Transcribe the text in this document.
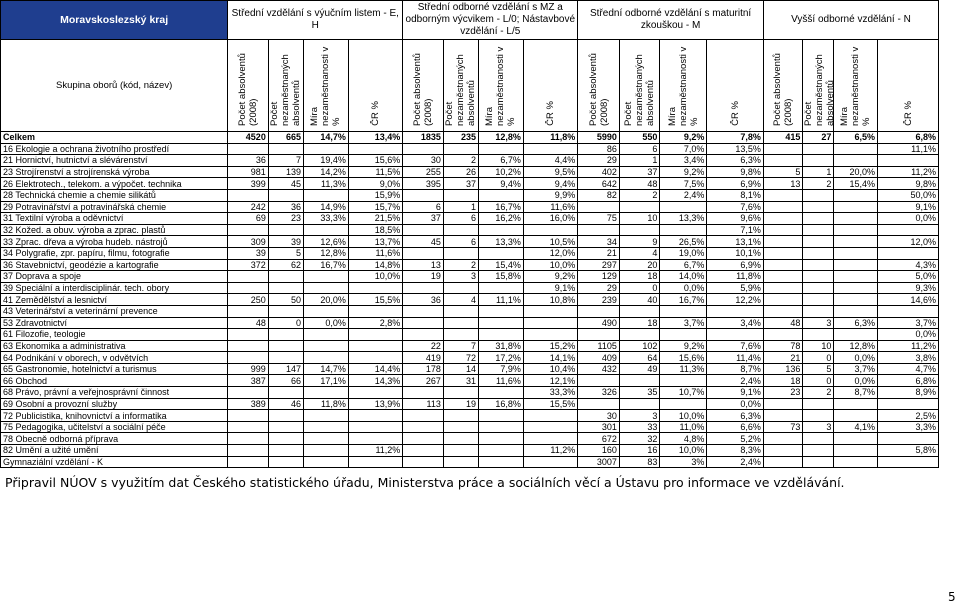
Moravskoslezský kraj	Střední vzdělání s výučním listem - E, H				Střední odborné vzdělání s MZ a odborným výcvikem - L/0; Nástavbové vzdělání - L/5				Střední odborné vzdělání s maturitní zkouškou - M				Vyšší odborné vzdělání - N			
Skupina oborů (kód, název)	Počet absolventů (2008)	Počet nezaměstnaných absolventů	Míra nezaměstnanosti v %	ČR %	Počet absolventů (2008)	Počet nezaměstnaných absolventů	Míra nezaměstnanosti v %	ČR %	Počet absolventů (2008)	Počet nezaměstnaných absolventů	Míra nezaměstnanosti v %	ČR %	Počet absolventů (2008)	Počet nezaměstnaných absolventů	Míra nezaměstnanosti v %	ČR %
Celkem	4520	665	14,7%	13,4%	1835	235	12,8%	11,8%	5990	550	9,2%	7,8%	415	27	6,5%	6,8%
16 Ekologie a ochrana životního prostředí									86	6	7,0%	13,5%				11,1%
21 Hornictví, hutnictví a slévárenství	36	7	19,4%	15,6%	30	2	6,7%	4,4%	29	1	3,4%	6,3%				
23 Strojírenství a strojírenská výroba	981	139	14,2%	11,5%	255	26	10,2%	9,5%	402	37	9,2%	9,8%	5	1	20,0%	11,2%
26 Elektrotech., telekom. a výpočet. technika	399	45	11,3%	9,0%	395	37	9,4%	9,4%	642	48	7,5%	6,9%	13	2	15,4%	9,8%
28 Technická chemie a chemie silikátů				15,9%				9,9%	82	2	2,4%	8,1%				50,0%
29 Potravinářství a potravinářská chemie	242	36	14,9%	15,7%	6	1	16,7%	11,6%				7,6%				9,1%
31 Textilní výroba a oděvnictví	69	23	33,3%	21,5%	37	6	16,2%	16,0%	75	10	13,3%	9,6%				0,0%
32 Kožed. a obuv. výroba a zprac. plastů				18,5%								7,1%				
33 Zprac. dřeva a výroba hudeb. nástrojů	309	39	12,6%	13,7%	45	6	13,3%	10,5%	34	9	26,5%	13,1%				12,0%
34 Polygrafie, zpr. papíru, filmu, fotografie	39	5	12,8%	11,6%				12,0%	21	4	19,0%	10,1%				
36 Stavebnictví, geodézie a kartografie	372	62	16,7%	14,8%	13	2	15,4%	10,0%	297	20	6,7%	6,9%				4,3%
37 Doprava a spoje				10,0%	19	3	15,8%	9,2%	129	18	14,0%	11,8%				5,0%
39 Speciální a interdisciplinár. tech. obory								9,1%	29	0	0,0%	5,9%				9,3%
41 Zemědělství a lesnictví	250	50	20,0%	15,5%	36	4	11,1%	10,8%	239	40	16,7%	12,2%				14,6%
43 Veterinářství a veterinární prevence																
53 Zdravotnictví	48	0	0,0%	2,8%					490	18	3,7%	3,4%	48	3	6,3%	3,7%
61 Filozofie, teologie																0,0%
63 Ekonomika a administrativa					22	7	31,8%	15,2%	1105	102	9,2%	7,6%	78	10	12,8%	11,2%
64 Podnikání v oborech, v odvětvích					419	72	17,2%	14,1%	409	64	15,6%	11,4%	21	0	0,0%	3,8%
65 Gastronomie, hotelnictví a turismus	999	147	14,7%	14,4%	178	14	7,9%	10,4%	432	49	11,3%	8,7%	136	5	3,7%	4,7%
66 Obchod	387	66	17,1%	14,3%	267	31	11,6%	12,1%				2,4%	18	0	0,0%	6,8%
68 Právo, právní a veřejnosprávní činnost								33,3%	326	35	10,7%	9,1%	23	2	8,7%	8,9%
69 Osobní a provozní služby	389	46	11,8%	13,9%	113	19	16,8%	15,5%				0,0%				
72 Publicistika, knihovnictví a informatika									30	3	10,0%	6,3%				2,5%
75 Pedagogika, učitelství a sociální péče									301	33	11,0%	6,6%	73	3	4,1%	3,3%
78 Obecně odborná příprava									672	32	4,8%	5,2%				
82 Umění a užité umění				11,2%				11,2%	160	16	10,0%	8,3%				5,8%
Gymnaziální vzdělání - K									3007	83	3%	2,4%				
Připravil NÚOV s využitím dat Českého statistického úřadu, Ministerstva práce a sociálních věcí a Ústavu pro informace ve vzdělávání.
5
